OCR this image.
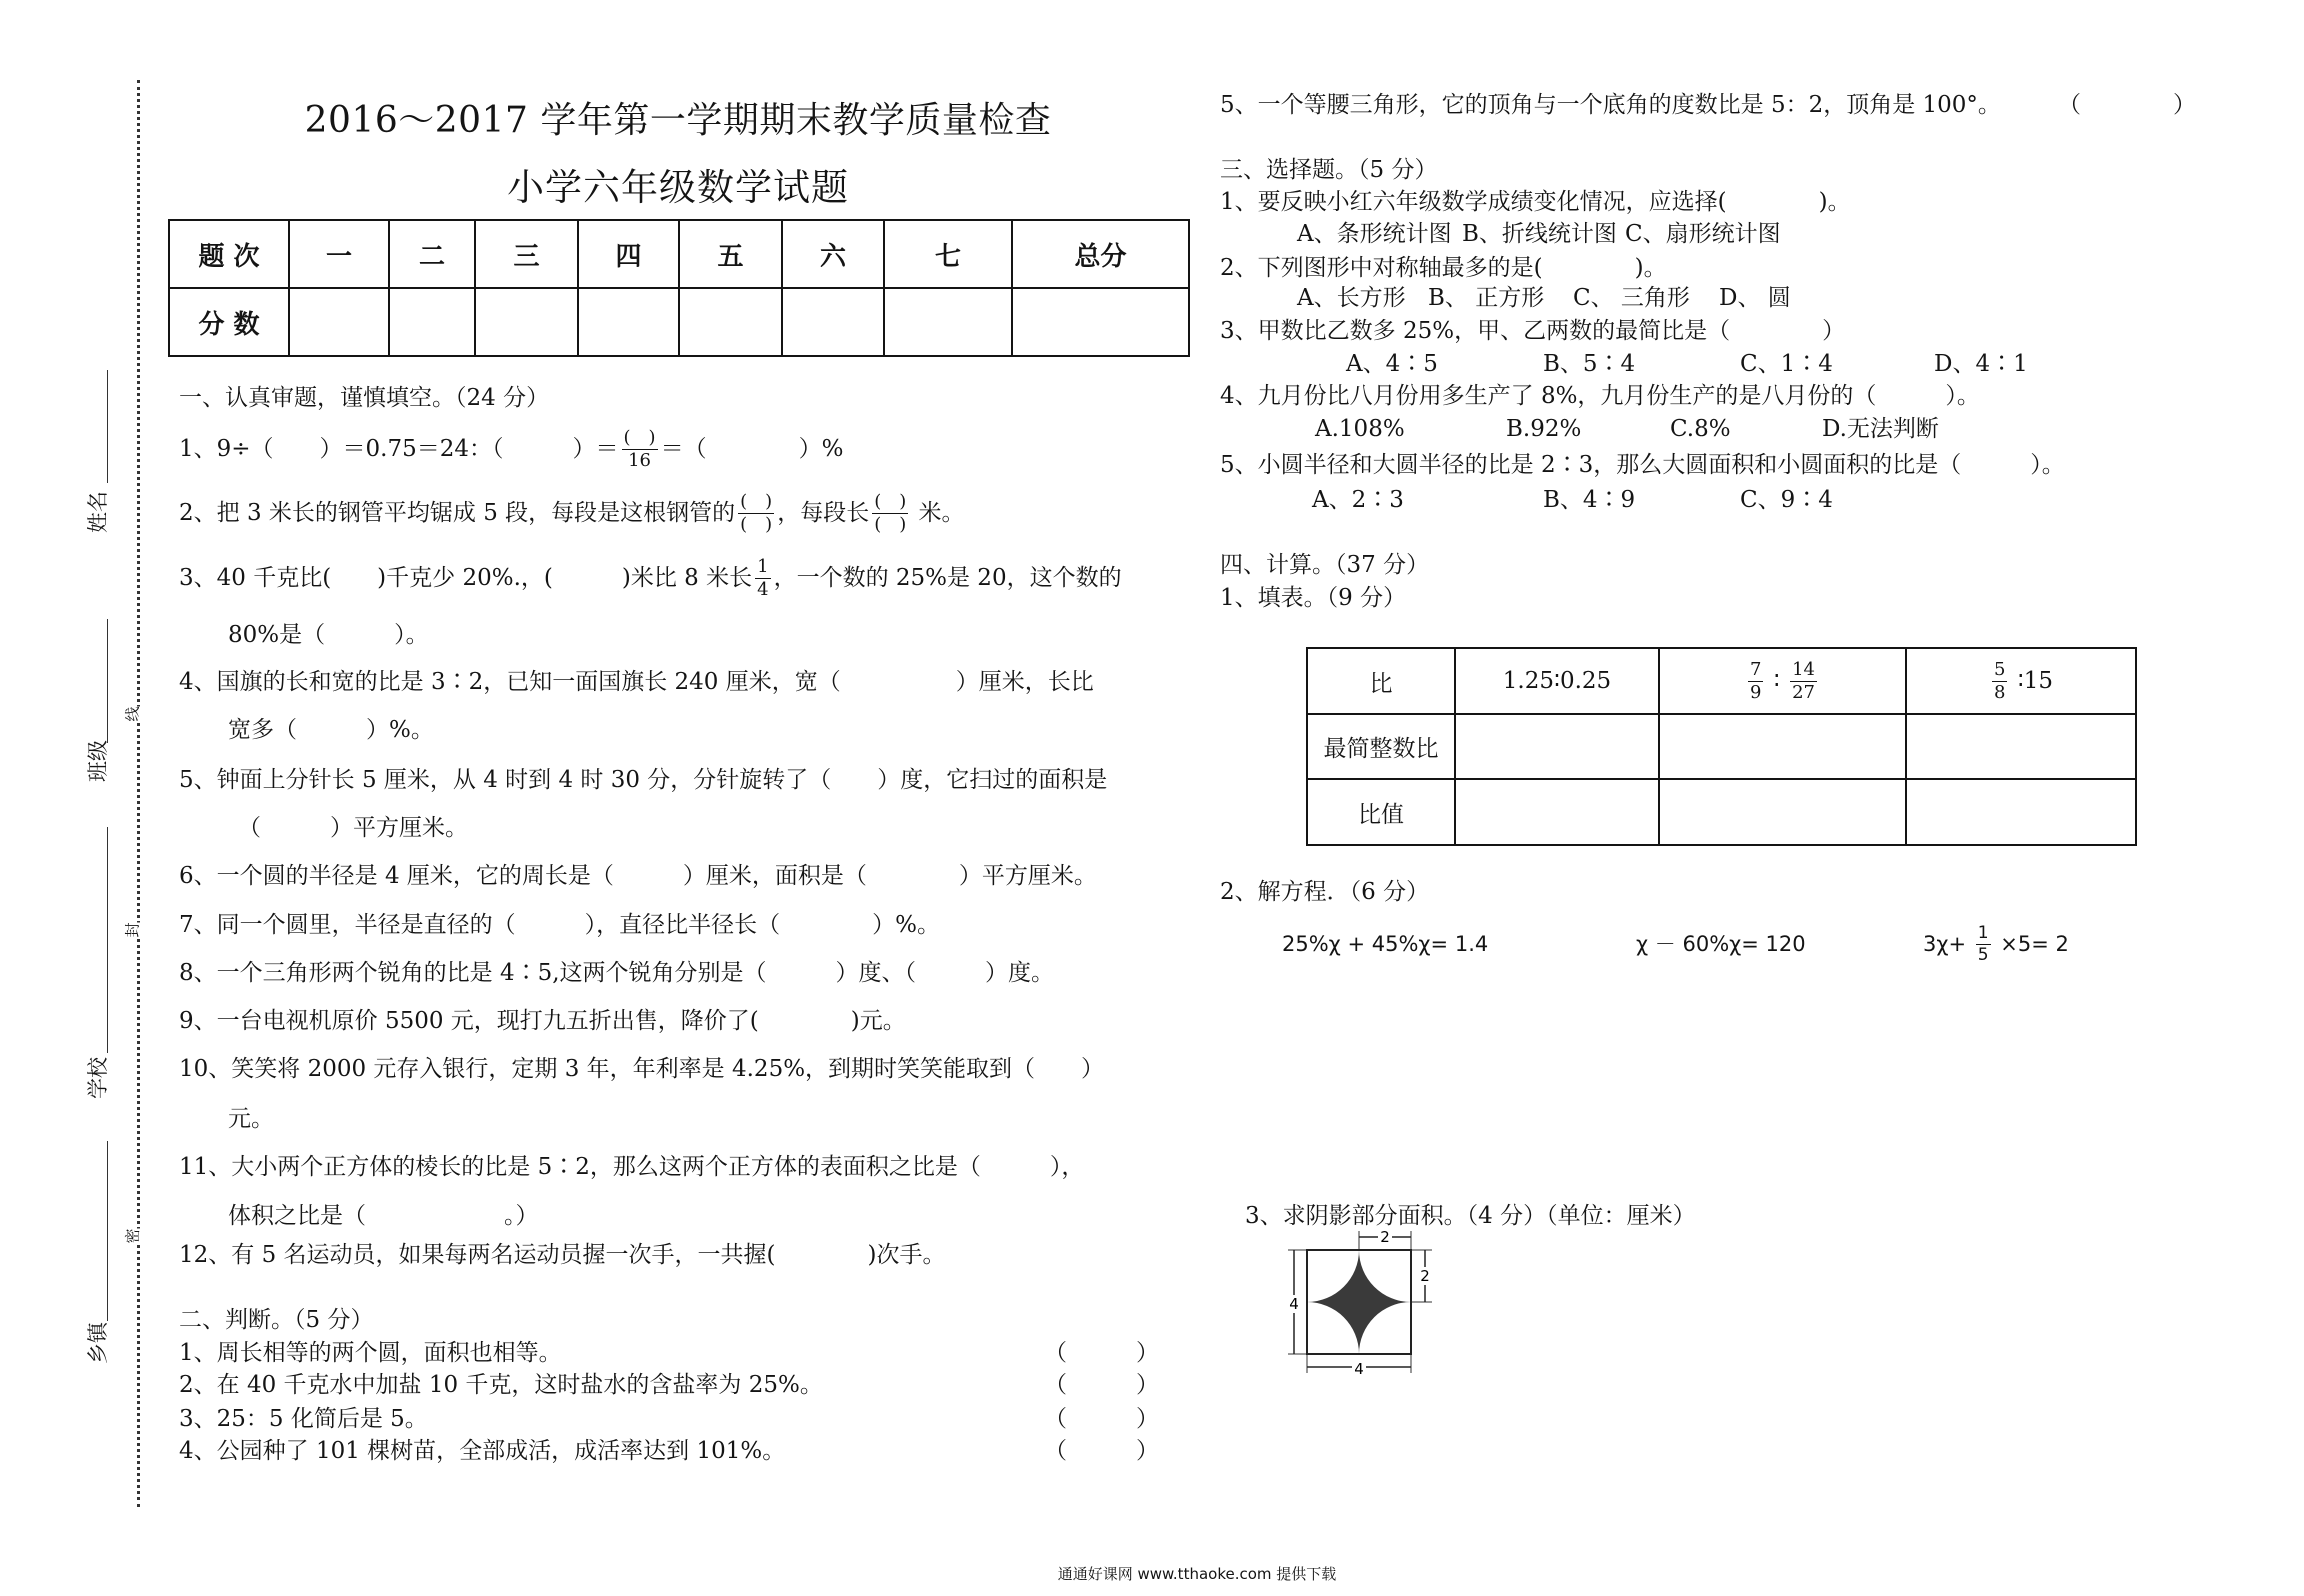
姓名
班级
学校
乡镇
线
封
密
2016～2017 学年第一学期期末教学质量检查
小学六年级数学试题
题 次	一	二	三	四	五	六	七	总分
分 数								
一、认真审题，谨慎填空。（24 分）
1、9÷（　　）＝0.75＝24：（　　　）＝ $\frac{( )}{16}$ ＝（　　　　）%
2、把 3 米长的钢管平均锯成 5 段，每段是这根钢管的 $\frac{( )}{( )}$ ，每段长 $\frac{( )}{( )}$ 米。
3、40 千克比(　　)千克少 20%.，(　　　)米比 8 米长 $\frac{1}{4}$ ，一个数的 25%是 20，这个数的
80%是（　　　）。
4、国旗的长和宽的比是 3∶2，已知一面国旗长 240 厘米，宽（　　　　　）厘米，长比
宽多（　　　）%。
5、钟面上分针长 5 厘米，从 4 时到 4 时 30 分，分针旋转了（　　）度，它扫过的面积是
（　　　）平方厘米。
6、一个圆的半径是 4 厘米，它的周长是（　　　）厘米，面积是（　　　　）平方厘米。
7、同一个圆里，半径是直径的（　　　），直径比半径长（　　　　）%。
8、一个三角形两个锐角的比是 4∶5,这两个锐角分别是（　　　）度、（　　　）度。
9、一台电视机原价 5500 元，现打九五折出售，降价了(　　　　)元。
10、笑笑将 2000 元存入银行，定期 3 年，年利率是 4.25%，到期时笑笑能取到（　　）
元。
11、大小两个正方体的棱长的比是 5∶2，那么这两个正方体的表面积之比是（　　　），
体积之比是（　　　　　　。）
12、有 5 名运动员，如果每两名运动员握一次手，一共握(　　　　)次手。
二、判断。（5 分）
1、周长相等的两个圆，面积也相等。	（　　　）
2、在 40 千克水中加盐 10 千克，这时盐水的含盐率为 25%。	（　　　）
3、25：5 化简后是 5。	（　　　）
4、公园种了 101 棵树苗，全部成活，成活率达到 101%。	（　　　）
5、一个等腰三角形，它的顶角与一个底角的度数比是 5：2，顶角是 100°。 （　　　　）
三、选择题。（5 分）
1、要反映小红六年级数学成绩变化情况，应选择(　　　　)。
A、条形统计图 B、折线统计图 C、扇形统计图
2、下列图形中对称轴最多的是(　　　　)。
A、长方形 B、 正方形 C、 三角形 D、 圆
3、甲数比乙数多 25%，甲、乙两数的最简比是（　　　　）
A、4∶5	B、5∶4	C、1∶4	D、4∶1
4、九月份比八月份用多生产了 8%，九月份生产的是八月份的（　　　）。
A.108%	B.92%	C.8%	D.无法判断
5、小圆半径和大圆半径的比是 2∶3，那么大圆面积和小圆面积的比是（　　　）。
A、2∶3	B、4∶9	C、9∶4
四、计算。（37 分）
1、填表。（9 分）
比	1.25∶0.25	$\frac{7}{9}$ ∶ $\frac{14}{27}$	$\frac{5}{8}$ ∶15

最简整数比			
比值			
2、解方程．（6 分）
25%χ + 45%χ= 1.4	χ － 60%χ= 120	$3\chi+ \frac{1}{5} \times 5= 2$
3、求阴影部分面积。（4 分）（单位：厘米）
4
4
2
2
通通好课网 www.tthaoke.com 提供下载
